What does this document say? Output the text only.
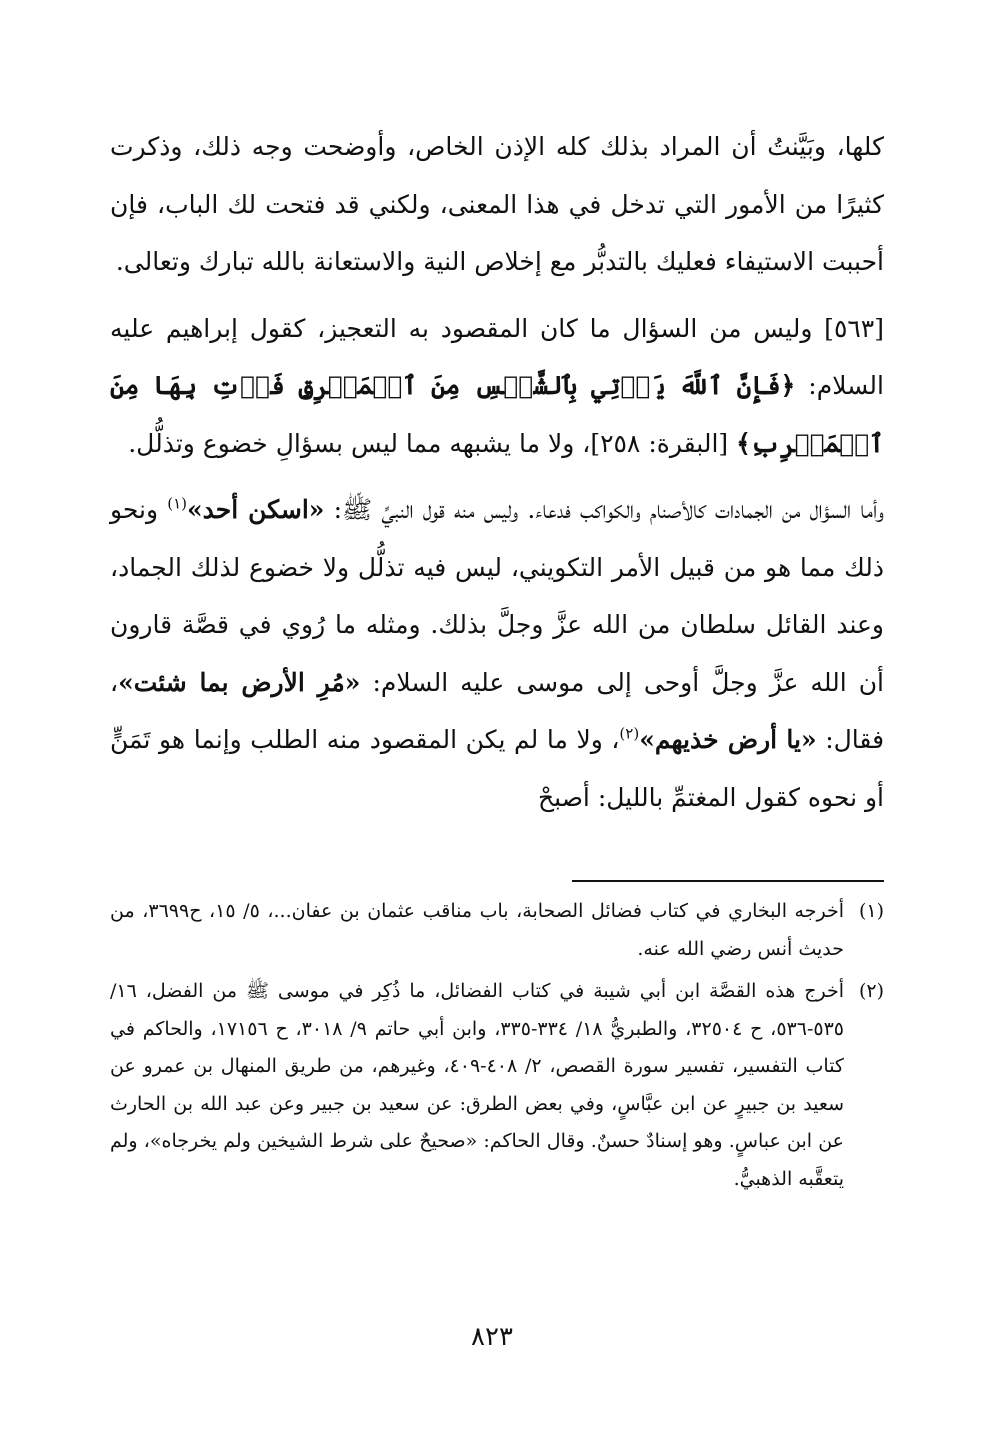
كلها، وبَيَّنتُ أن المراد بذلك كله الإذن الخاص، وأوضحت وجه ذلك، وذكرت كثيرًا من الأمور التي تدخل في هذا المعنى، ولكني قد فتحت لك الباب، فإن أحببت الاستيفاء فعليك بالتدبُّر مع إخلاص النية والاستعانة بالله تبارك وتعالى.

[٥٦٣] وليس من السؤال ما كان المقصود به التعجيز، كقول إبراهيم عليه السلام: ﴿فَإِنَّ ٱللَّهَ يَأۡتِي بِٱلشَّمۡسِ مِنَ ٱلۡمَشۡرِقِ فَأۡتِ بِهَا مِنَ ٱلۡمَغۡرِبِ﴾ [البقرة: ٢٥٨]، ولا ما يشبهه مما ليس بسؤالِ خضوع وتذلُّل.

وأما السؤال من الجمادات كالأصنام والكواكب فدعاء. وليس منه قول النبيِّ ﷺ: «اسكن أحد»$^{(١)}$ ونحو ذلك مما هو من قبيل الأمر التكويني، ليس فيه تذلُّل ولا خضوع لذلك الجماد، وعند القائل سلطان من الله عزَّ وجلَّ بذلك. ومثله ما رُوي في قصَّة قارون أن الله عزَّ وجلَّ أوحى إلى موسى عليه السلام: «مُرِ الأرض بما شئت»، فقال: «يا أرض خذيهم»$^{(٢)}$، ولا ما لم يكن المقصود منه الطلب وإنما هو تَمَنٍّ أو نحوه كقول المغتمِّ بالليل: أصبحْ

(١)
أخرجه البخاري في كتاب فضائل الصحابة، باب مناقب عثمان بن عفان...، ٥/ ١٥، ح٣٦٩٩، من حديث أنس رضي الله عنه.
(٢)
أخرج هذه القصَّة ابن أبي شيبة في كتاب الفضائل، ما ذُكِر في موسى ﷺ من الفضل، ١٦/ ٥٣٥-٥٣٦، ح ٣٢٥٠٤، والطبريُّ ١٨/ ٣٣٤-٣٣٥، وابن أبي حاتم ٩/ ٣٠١٨، ح ١٧١٥٦، والحاكم في كتاب التفسير، تفسير سورة القصص، ٢/ ٤٠٨-٤٠٩، وغيرهم، من طريق المنهال بن عمرو عن سعيد بن جبيرٍ عن ابن عبَّاسٍ، وفي بعض الطرق: عن سعيد بن جبير وعن عبد الله بن الحارث عن ابن عباسٍ. وهو إسنادٌ حسنٌ. وقال الحاكم: «صحيحٌ على شرط الشيخين ولم يخرجاه»، ولم يتعقَّبه الذهبيُّ.
٨٢٣
